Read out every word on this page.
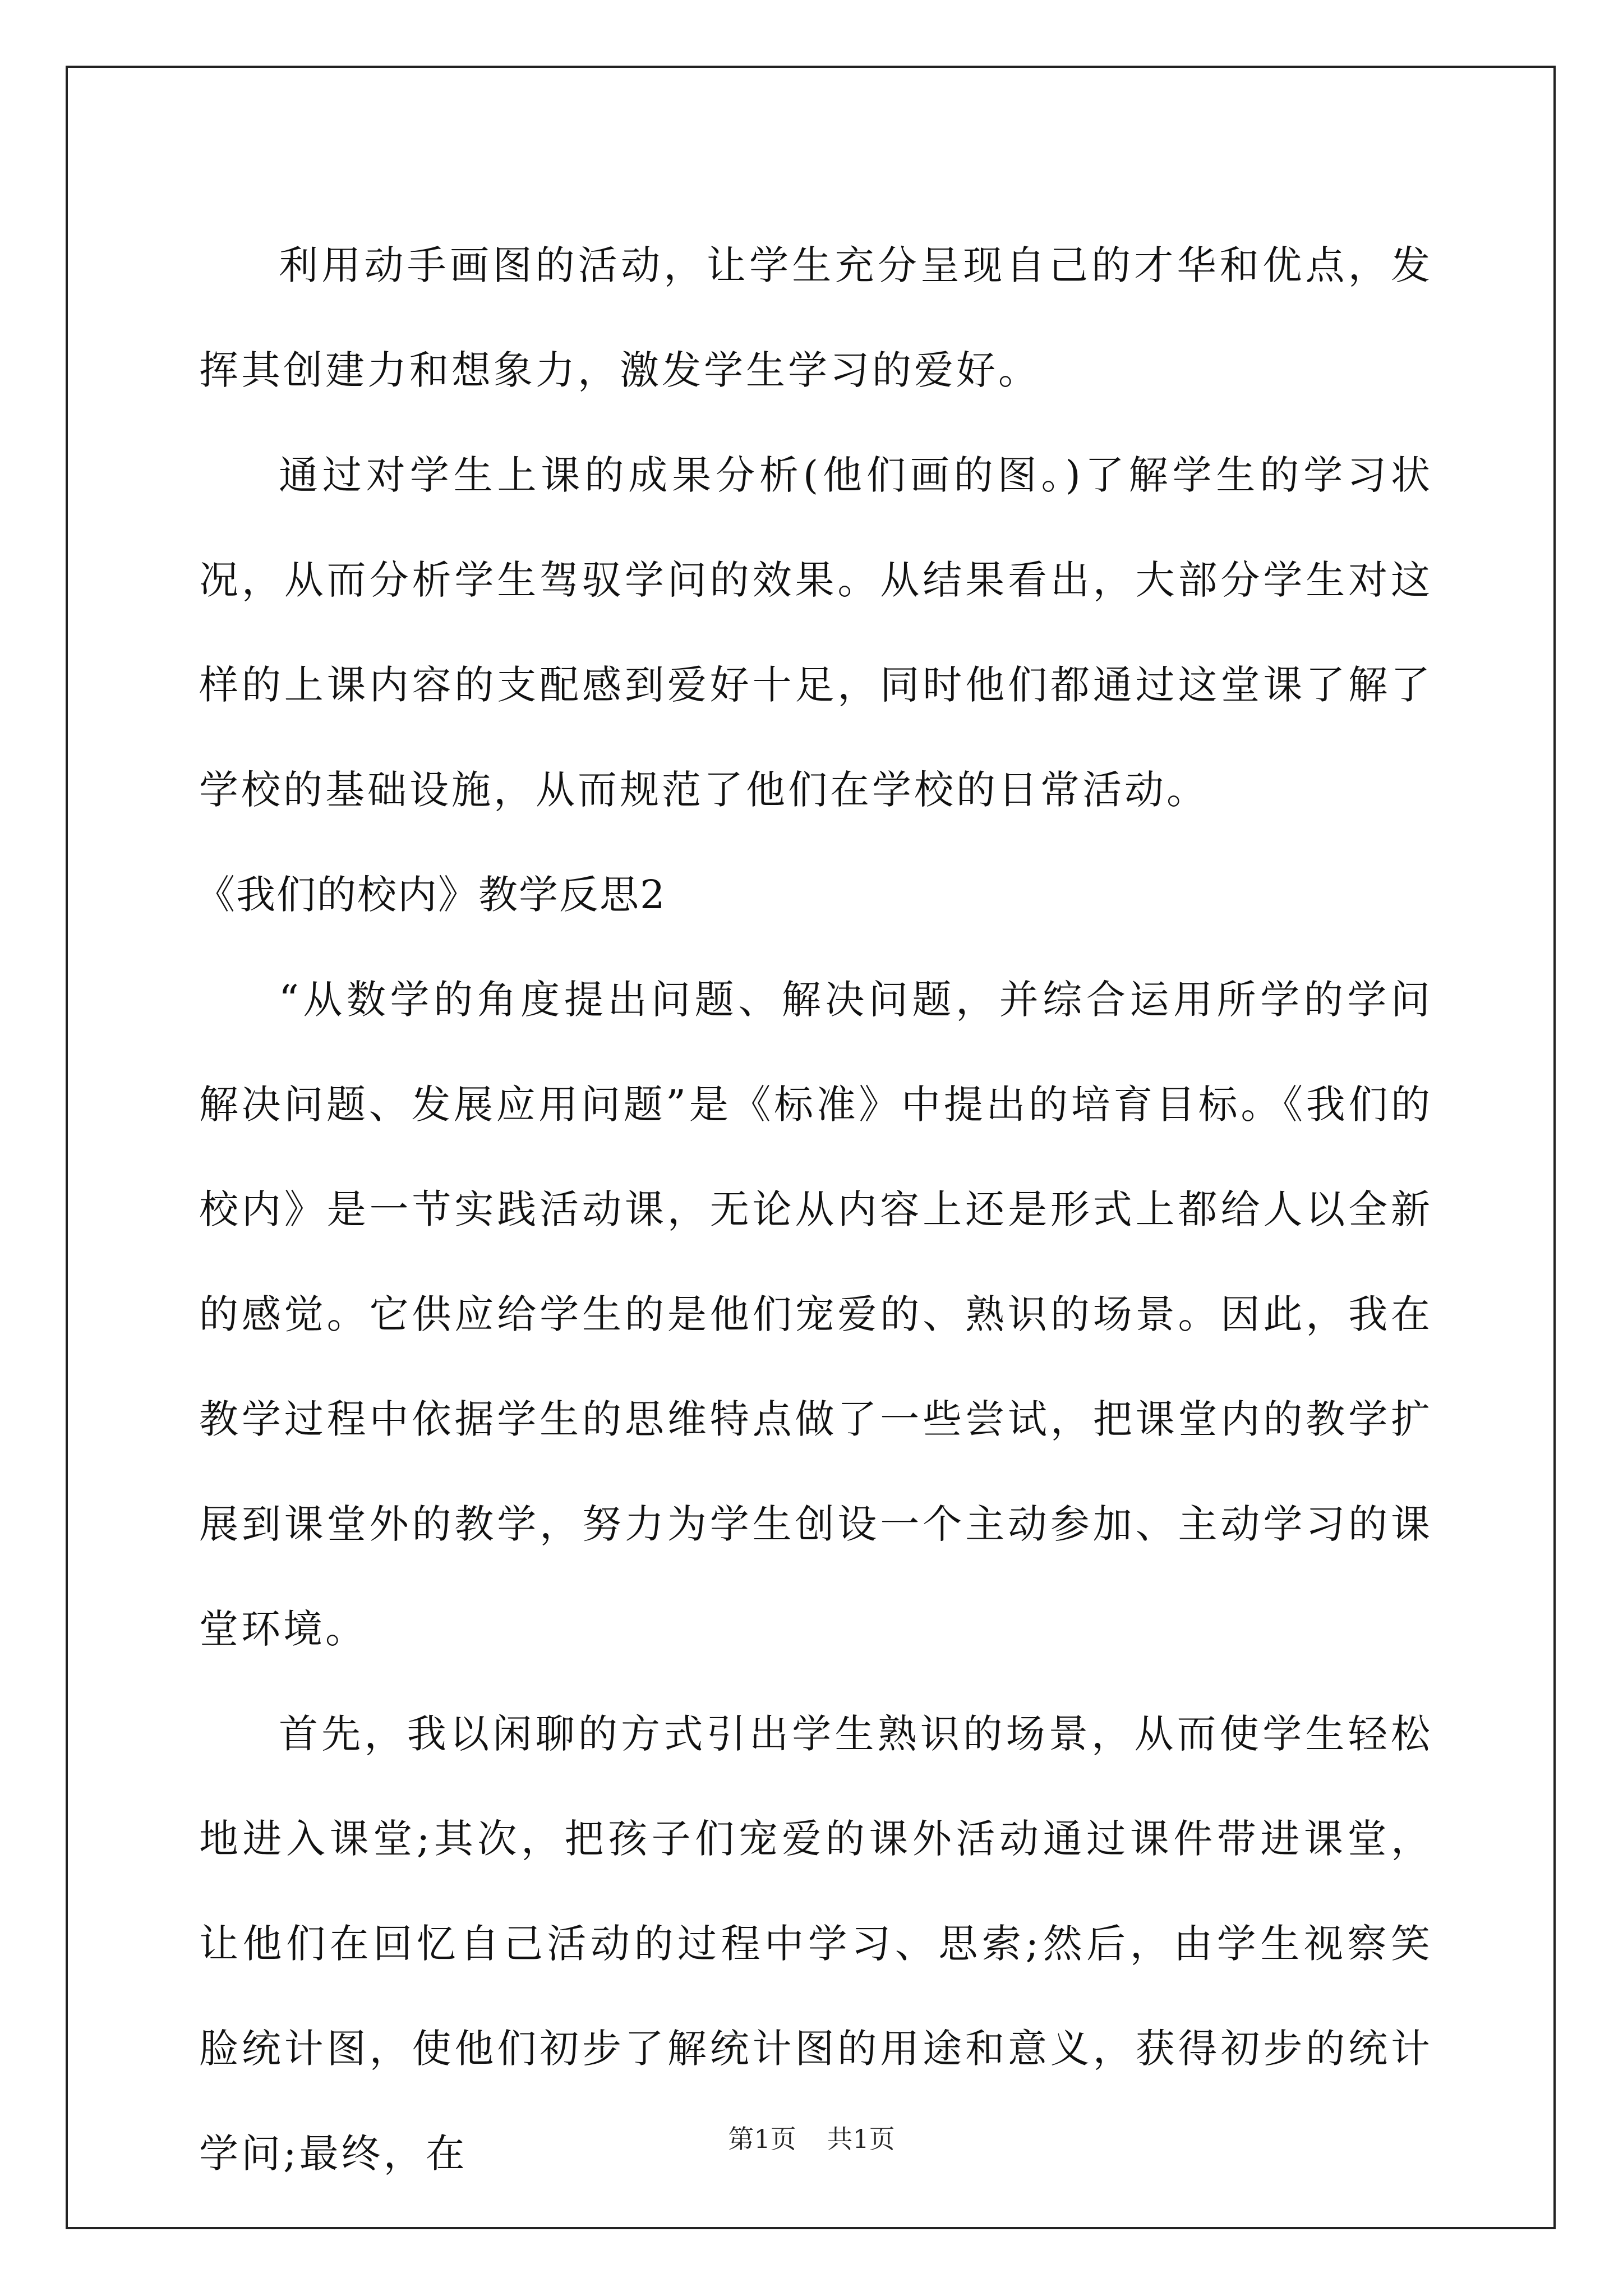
利用动手画图的活动，让学生充分呈现自己的才华和优点，发挥其创建力和想象力，激发学生学习的爱好。

通过对学生上课的成果分析(他们画的图。)了解学生的学习状况，从而分析学生驾驭学问的效果。从结果看出，大部分学生对这样的上课内容的支配感到爱好十足，同时他们都通过这堂课了解了学校的基础设施，从而规范了他们在学校的日常活动。

《我们的校内》教学反思2

“从数学的角度提出问题、解决问题，并综合运用所学的学问解决问题、发展应用问题”是《标准》中提出的培育目标。《我们的校内》是一节实践活动课，无论从内容上还是形式上都给人以全新的感觉。它供应给学生的是他们宠爱的、熟识的场景。因此，我在教学过程中依据学生的思维特点做了一些尝试，把课堂内的教学扩展到课堂外的教学，努力为学生创设一个主动参加、主动学习的课堂环境。

首先，我以闲聊的方式引出学生熟识的场景，从而使学生轻松地进入课堂;其次，把孩子们宠爱的课外活动通过课件带进课堂，让他们在回忆自己活动的过程中学习、思索;然后，由学生视察笑脸统计图，使他们初步了解统计图的用途和意义，获得初步的统计学问;最终，在	第1页 共1页
